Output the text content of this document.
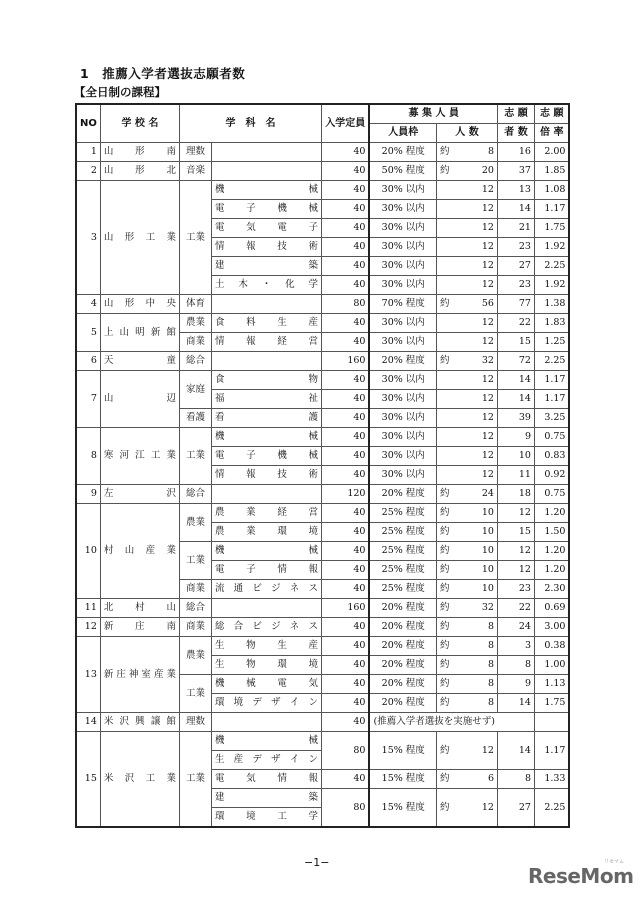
1　推薦入学者選抜志願者数
【全日制の課程】
NO	学 校 名	学　科　名		入学定員	募 集 人 員		志 願	志 願
					人員枠	人 数	者 数	倍 率
1	山 形 南	理数		40	20% 程度	約 8	16	2.00
2	山 形 北	音楽		40	50% 程度	約 20	37	1.85
3	山 形 工 業	工業	機 械	40	30% 以内	12	13	1.08
			電 子 機 械	40	30% 以内	12	14	1.17
			電 気 電 子	40	30% 以内	12	21	1.75
			情 報 技 術	40	30% 以内	12	23	1.92
			建 築	40	30% 以内	12	27	2.25
			土 木 ・ 化 学	40	30% 以内	12	23	1.92
4	山 形 中 央	体育		80	70% 程度	約 56	77	1.38
5	上 山 明 新 館	農業	食 料 生 産	40	30% 以内	12	22	1.83
		商業	情 報 経 営	40	30% 以内	12	15	1.25
6	天 童	総合		160	20% 程度	約 32	72	2.25
7	山 辺	家庭	食 物	40	30% 以内	12	14	1.17
			福 祉	40	30% 以内	12	14	1.17
		看護	看 護	40	30% 以内	12	39	3.25
8	寒 河 江 工 業	工業	機 械	40	30% 以内	12	9	0.75
			電 子 機 械	40	30% 以内	12	10	0.83
			情 報 技 術	40	30% 以内	12	11	0.92
9	左 沢	総合		120	20% 程度	約 24	18	0.75
10	村 山 産 業	農業	農 業 経 営	40	25% 程度	約 10	12	1.20
			農 業 環 境	40	25% 程度	約 10	15	1.50
		工業	機 械	40	25% 程度	約 10	12	1.20
			電 子 情 報	40	25% 程度	約 10	12	1.20
		商業	流 通 ビ ジ ネ ス	40	25% 程度	約 10	23	2.30
11	北 村 山	総合		160	20% 程度	約 32	22	0.69
12	新 庄 南	商業	総 合 ビ ジ ネ ス	40	20% 程度	約 8	24	3.00
13	新 庄 神 室 産 業	農業	生 物 生 産	40	20% 程度	約 8	3	0.38
			生 物 環 境	40	20% 程度	約 8	8	1.00
		工業	機 械 電 気	40	20% 程度	約 8	9	1.13
			環 境 デ ザ イ ン	40	20% 程度	約 8	14	1.75
14	米 沢 興 譲 館	理数		40	(推薦入学者選抜を実施せず)			
15	米 沢 工 業	工業	機 械	80	15% 程度	約 12	14	1.17
			生 産 デ ザ イ ン					
			電 気 情 報	40	15% 程度	約 6	8	1.33
			建 築	80	15% 程度	約 12	27	2.25
			環 境 工 学					
−1−
ReseMom
リセマム
